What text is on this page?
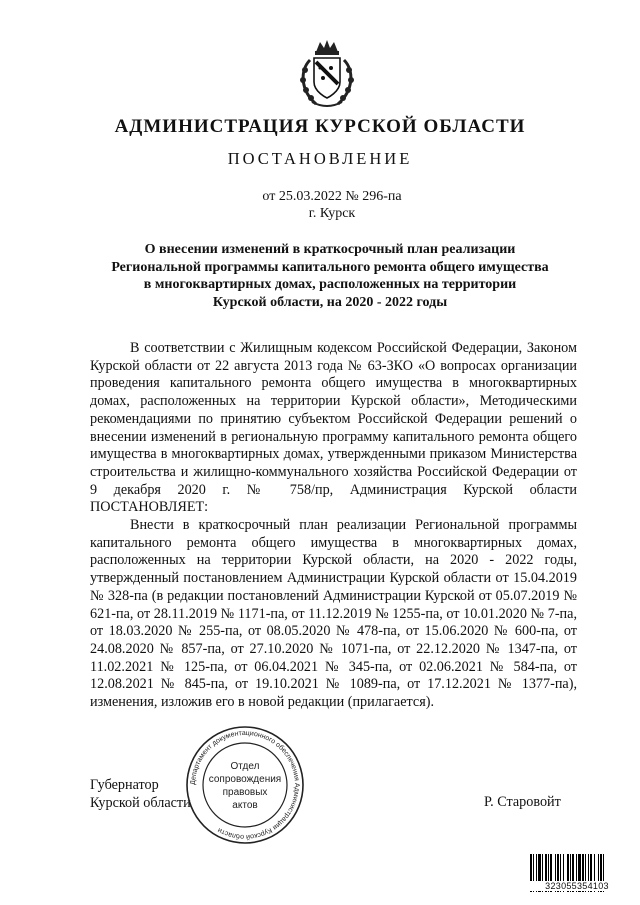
АДМИНИСТРАЦИЯ КУРСКОЙ ОБЛАСТИ
ПОСТАНОВЛЕНИЕ
от 25.03.2022 № 296-па
г. Курск
О внесении изменений в краткосрочный план реализации
Региональной программы капитального ремонта общего имущества
в многоквартирных домах, расположенных на территории
Курской области, на 2020 - 2022 годы

В соответствии с Жилищным кодексом Российской Федерации, Законом Курской области от 22 августа 2013 года № 63-ЗКО «О вопросах организации проведения капитального ремонта общего имущества в многоквартирных домах, расположенных на территории Курской области», Методическими рекомендациями по принятию субъектом Российской Федерации решений о внесении изменений в региональную программу капитального ремонта общего имущества в многоквартирных домах, утвержденными приказом Министерства строительства и жилищно-коммунального хозяйства Российской Федерации от 9 декабря 2020 г. № 758/пр, Администрация Курской области ПОСТАНОВЛЯЕТ:

Внести в краткосрочный план реализации Региональной программы капитального ремонта общего имущества в многоквартирных домах, расположенных на территории Курской области, на 2020 - 2022 годы, утвержденный постановлением Администрации Курской области от 15.04.2019 № 328-па (в редакции постановлений Администрации Курской от 05.07.2019 № 621-па, от 28.11.2019 № 1171-па, от 11.12.2019 № 1255-па, от 10.01.2020 № 7-па, от 18.03.2020 № 255-па, от 08.05.2020 № 478-па, от 15.06.2020 № 600-па, от 24.08.2020 № 857-па, от 27.10.2020 № 1071-па, от 22.12.2020 № 1347-па, от 11.02.2021 № 125-па, от 06.04.2021 № 345-па, от 02.06.2021 № 584-па, от 12.08.2021 № 845-па, от 19.10.2021 № 1089-па, от 17.12.2021 № 1377-па), изменения, изложив его в новой редакции (прилагается).

Губернатор
Курской области	Р. Старовойт
Департамент документационного обеспечения Администрации Курской области
Отдел
сопровождения
правовых
актов
323055354103
